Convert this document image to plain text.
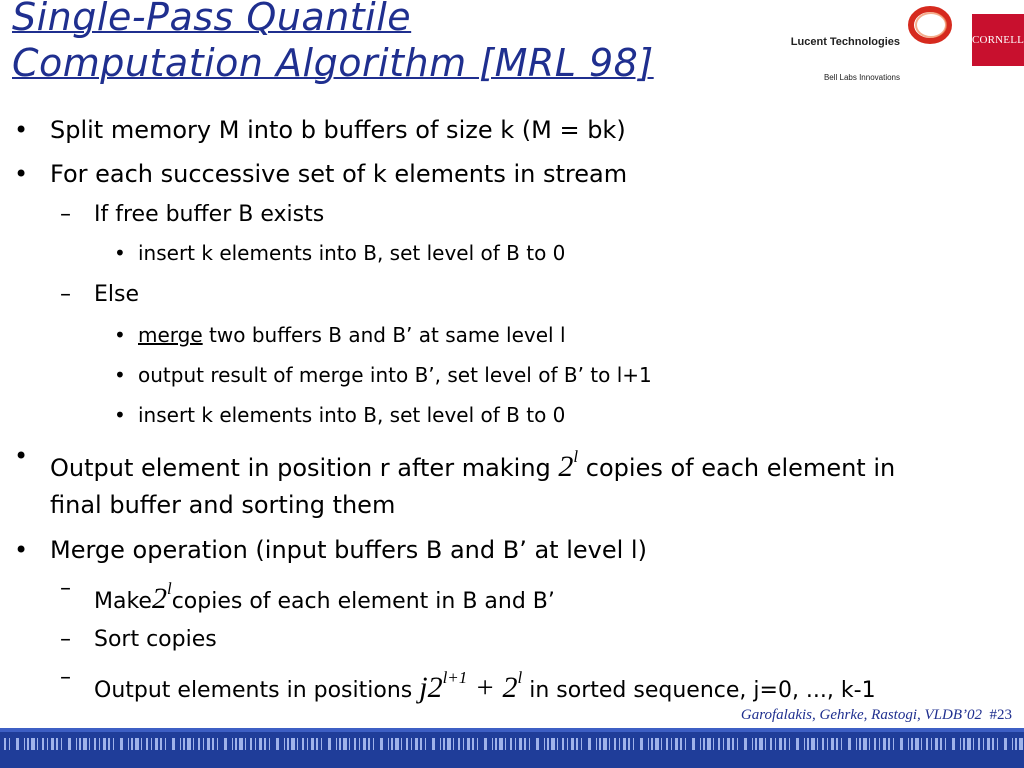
Single-Pass Quantile
Computation Algorithm [MRL 98]	Lucent Technologies
Bell Labs Innovations
CORNELL
• Split memory M into b buffers of size k (M = bk)
• For each successive set of k elements in stream
– If free buffer B exists
• insert k elements into B, set level of B to 0
– Else
• merge two buffers B and B’ at same level l
• output result of merge into B’, set level of B’ to l+1
• insert k elements into B, set level of B to 0
• Output element in position r after making 2$^l$ copies of each element in
final buffer and sorting them
• Merge operation (input buffers B and B’ at level l)
–
Make2$^l$copies of each element in B and B’
– Sort copies
–
Output elements in positions $j2^{l+1} + 2^l$ in sorted sequence, j=0, ..., k-1
Garofalakis, Gehrke, Rastogi, VLDB’02 #23
